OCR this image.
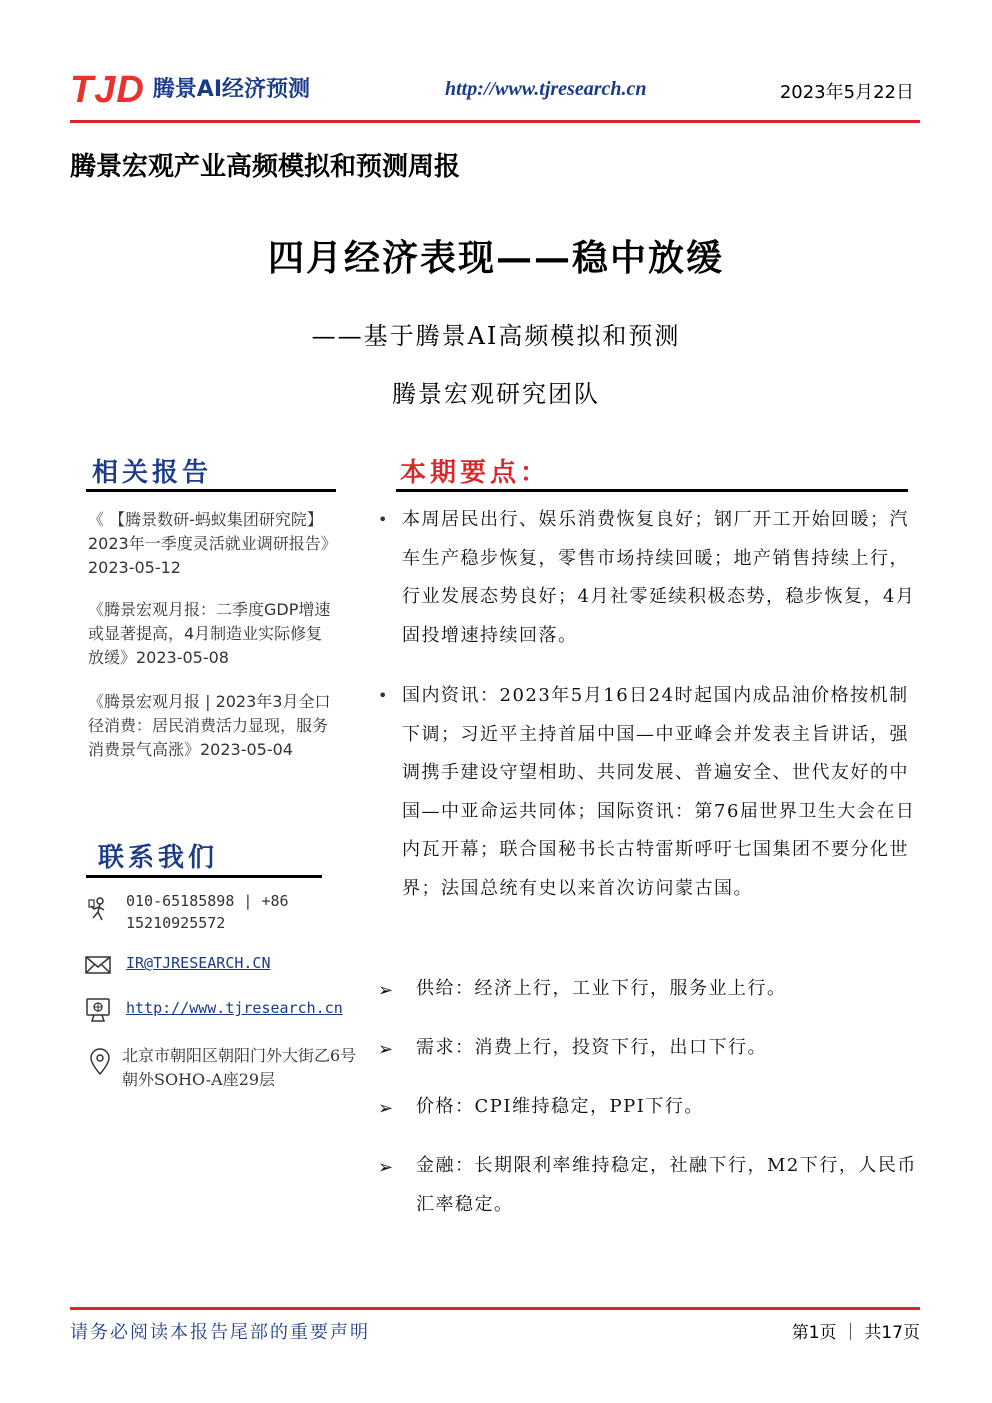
TJD 腾景AI经济预测	http://www.tjresearch.cn	2023年5月22日
腾景宏观产业高频模拟和预测周报
四月经济表现——稳中放缓
——基于腾景AI高频模拟和预测
腾景宏观研究团队
相关报告
《 【腾景数研-蚂蚁集团研究院】2023年一季度灵活就业调研报告》2023-05-12
《腾景宏观月报：二季度GDP增速或显著提高，4月制造业实际修复放缓》2023-05-08
《腾景宏观月报 | 2023年3月全口径消费：居民消费活力显现，服务消费景气高涨》2023-05-04
联系我们
010-65185898 | +86 15210925572
IR@TJRESEARCH.CN
http://www.tjresearch.cn
北京市朝阳区朝阳门外大街乙6号朝外SOHO-A座29层
本期要点：
• 本周居民出行、娱乐消费恢复良好；钢厂开工开始回暖；汽车生产稳步恢复，零售市场持续回暖；地产销售持续上行，行业发展态势良好；4月社零延续积极态势，稳步恢复，4月固投增速持续回落。
• 国内资讯：2023年5月16日24时起国内成品油价格按机制下调；习近平主持首届中国—中亚峰会并发表主旨讲话，强调携手建设守望相助、共同发展、普遍安全、世代友好的中国—中亚命运共同体；国际资讯：第76届世界卫生大会在日内瓦开幕；联合国秘书长古特雷斯呼吁七国集团不要分化世界；法国总统有史以来首次访问蒙古国。
➢ 供给：经济上行，工业下行，服务业上行。
➢ 需求：消费上行，投资下行，出口下行。
➢ 价格：CPI维持稳定，PPI下行。
➢ 金融：长期限利率维持稳定，社融下行，M2下行，人民币汇率稳定。
请务必阅读本报告尾部的重要声明	第1页 ｜ 共17页
